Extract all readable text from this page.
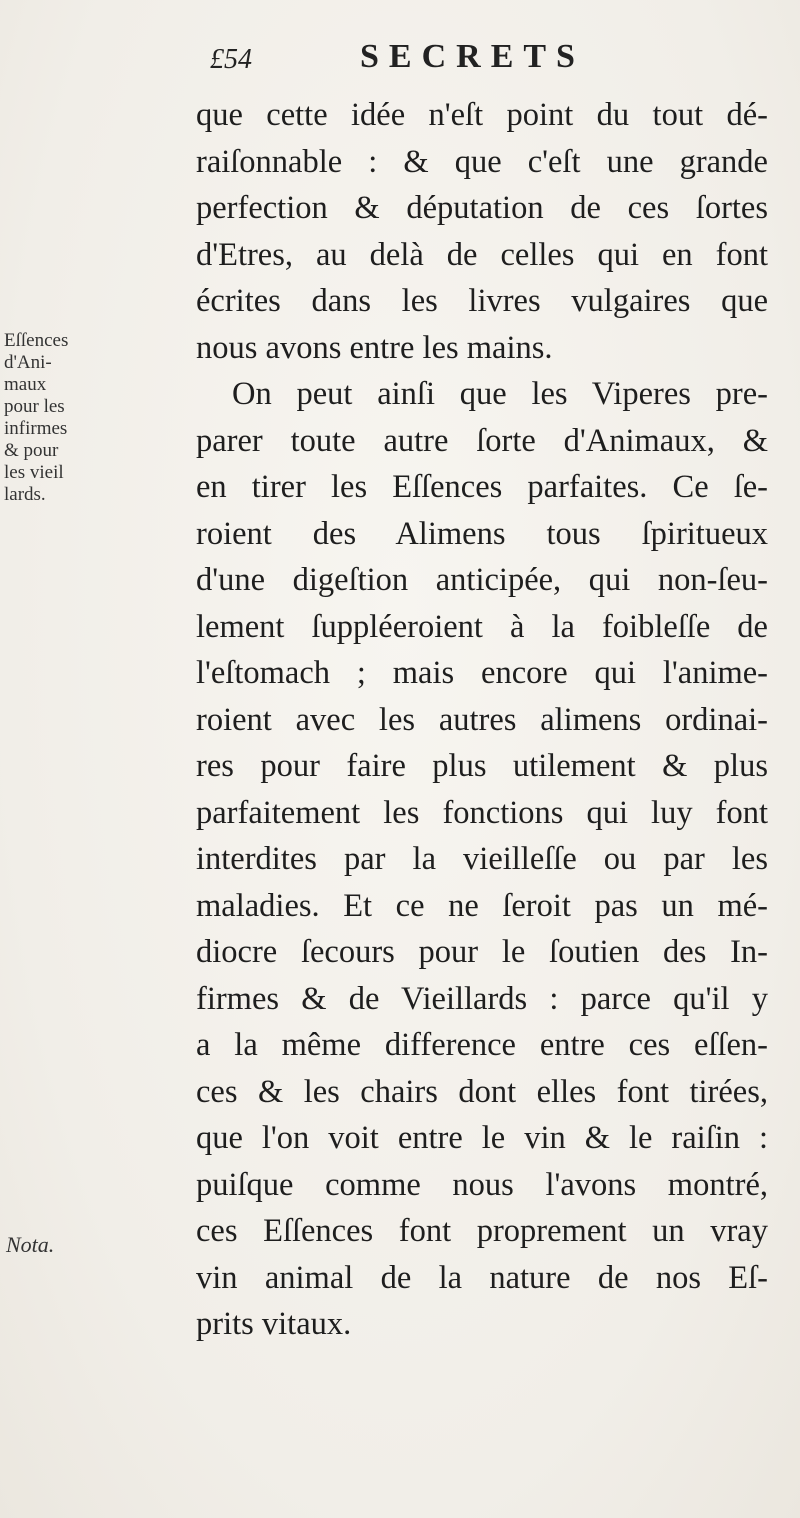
£54	SECRETS
Eſſences
d'Ani-
maux
pour les
infirmes
& pour
les vieil
lards.
Nota.
que cette idée n'eſt point du tout dé-
raiſonnable : & que c'eſt une grande
perfection & députation de ces ſortes
d'Etres, au delà de celles qui en font
écrites dans les livres vulgaires que
nous avons entre les mains.
On peut ainſi que les Viperes pre-
parer toute autre ſorte d'Animaux, &
en tirer les Eſſences parfaites. Ce ſe-
roient des Alimens tous ſpiritueux
d'une digeſtion anticipée, qui non-ſeu-
lement ſuppléeroient à la foibleſſe de
l'eſtomach ; mais encore qui l'anime-
roient avec les autres alimens ordinai-
res pour faire plus utilement & plus
parfaitement les fonctions qui luy font
interdites par la vieilleſſe ou par les
maladies. Et ce ne ſeroit pas un mé-
diocre ſecours pour le ſoutien des In-
firmes & de Vieillards : parce qu'il y
a la même difference entre ces eſſen-
ces & les chairs dont elles font tirées,
que l'on voit entre le vin & le raiſin :
puiſque comme nous l'avons montré,
ces Eſſences font proprement un vray
vin animal de la nature de nos Eſ-
prits vitaux.
